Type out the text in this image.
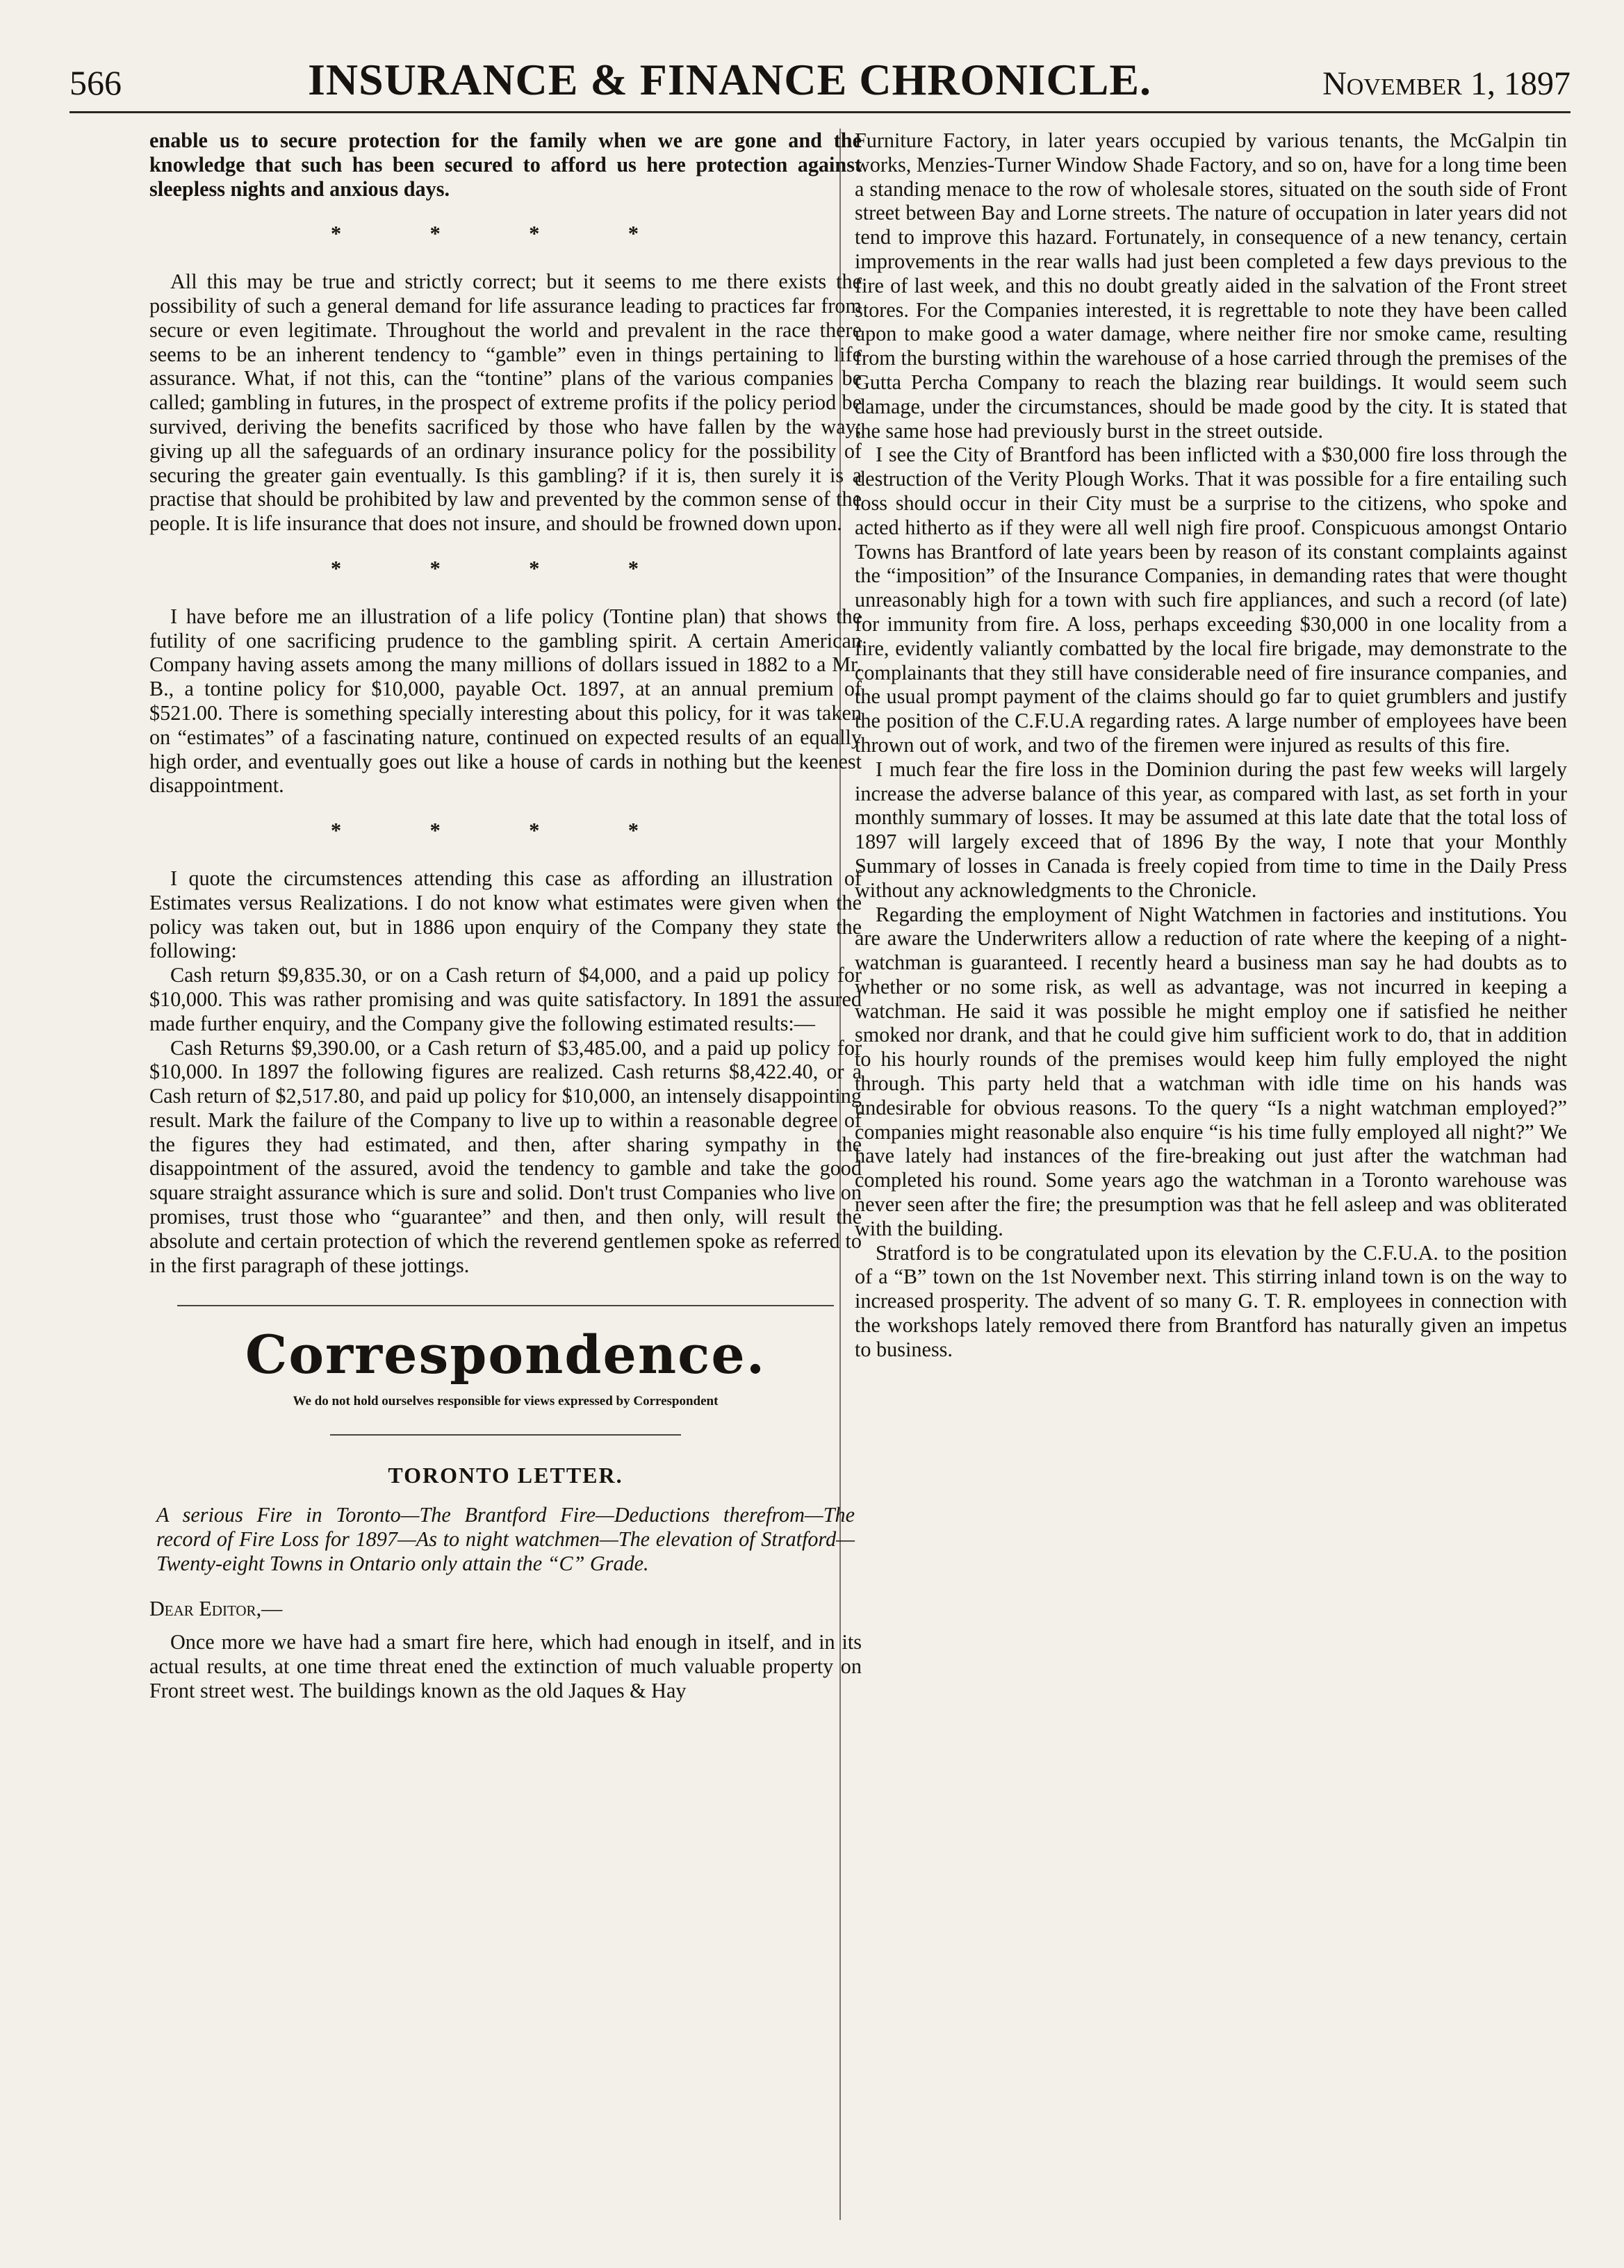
566	INSURANCE & FINANCE CHRONICLE.	November 1, 1897

enable us to secure protection for the family when we are gone and the knowledge that such has been secured to afford us here protection against sleepless nights and anxious days.

* * * *

All this may be true and strictly correct; but it seems to me there exists the possibility of such a general demand for life assurance leading to practices far from secure or even legitimate. Throughout the world and prevalent in the race there seems to be an inherent tendency to “gamble” even in things pertaining to life assurance. What, if not this, can the “tontine” plans of the various companies be called; gambling in futures, in the prospect of extreme profits if the policy period be survived, deriving the benefits sacrificed by those who have fallen by the way; giving up all the safeguards of an ordinary insurance policy for the possibility of securing the greater gain eventually. Is this gambling? if it is, then surely it is a practise that should be prohibited by law and prevented by the common sense of the people. It is life insurance that does not insure, and should be frowned down upon.

* * * *

I have before me an illustration of a life policy (Tontine plan) that shows the futility of one sacrificing prudence to the gambling spirit. A certain American Company having assets among the many millions of dollars issued in 1882 to a Mr. B., a tontine policy for $10,000, payable Oct. 1897, at an annual premium of $521.00. There is something specially interesting about this policy, for it was taken on “estimates” of a fascinating nature, continued on expected results of an equally high order, and eventually goes out like a house of cards in nothing but the keenest disappointment.

* * * *

I quote the circumstences attending this case as affording an illustration of Estimates versus Realizations. I do not know what estimates were given when the policy was taken out, but in 1886 upon enquiry of the Company they state the following:

Cash return $9,835.30, or on a Cash return of $4,000, and a paid up policy for $10,000. This was rather promising and was quite satisfactory. In 1891 the assured made further enquiry, and the Company give the following estimated results:—

Cash Returns $9,390.00, or a Cash return of $3,485.00, and a paid up policy for $10,000. In 1897 the following figures are realized. Cash returns $8,422.40, or a Cash return of $2,517.80, and paid up policy for $10,000, an intensely disappointing result. Mark the failure of the Company to live up to within a reasonable degree of the figures they had estimated, and then, after sharing sympathy in the disappointment of the assured, avoid the tendency to gamble and take the good square straight assurance which is sure and solid. Don't trust Companies who live on promises, trust those who “guarantee” and then, and then only, will result the absolute and certain protection of which the reverend gentlemen spoke as referred to in the first paragraph of these jottings.

Correspondence.
We do not hold ourselves responsible for views expressed by Correspondent
TORONTO LETTER.

A serious Fire in Toronto—The Brantford Fire—Deductions therefrom—The record of Fire Loss for 1897—As to night watchmen—The elevation of Stratford—Twenty-eight Towns in Ontario only attain the “C” Grade.

Dear Editor,—

Once more we have had a smart fire here, which had enough in itself, and in its actual results, at one time threat ened the extinction of much valuable property on Front street west. The buildings known as the old Jaques & Hay

Furniture Factory, in later years occupied by various tenants, the McGalpin tin works, Menzies-Turner Window Shade Factory, and so on, have for a long time been a standing menace to the row of wholesale stores, situated on the south side of Front street between Bay and Lorne streets. The nature of occupation in later years did not tend to improve this hazard. Fortunately, in consequence of a new tenancy, certain improvements in the rear walls had just been completed a few days previous to the fire of last week, and this no doubt greatly aided in the salvation of the Front street stores. For the Companies interested, it is regrettable to note they have been called upon to make good a water damage, where neither fire nor smoke came, resulting from the bursting within the warehouse of a hose carried through the premises of the Gutta Percha Company to reach the blazing rear buildings. It would seem such damage, under the circumstances, should be made good by the city. It is stated that the same hose had previously burst in the street outside.

I see the City of Brantford has been inflicted with a $30,000 fire loss through the destruction of the Verity Plough Works. That it was possible for a fire entailing such loss should occur in their City must be a surprise to the citizens, who spoke and acted hitherto as if they were all well nigh fire proof. Conspicuous amongst Ontario Towns has Brantford of late years been by reason of its constant complaints against the “imposition” of the Insurance Companies, in demanding rates that were thought unreasonably high for a town with such fire appliances, and such a record (of late) for immunity from fire. A loss, perhaps exceeding $30,000 in one locality from a fire, evidently valiantly combatted by the local fire brigade, may demonstrate to the complainants that they still have considerable need of fire insurance companies, and the usual prompt payment of the claims should go far to quiet grumblers and justify the position of the C.F.U.A regarding rates. A large number of employees have been thrown out of work, and two of the firemen were injured as results of this fire.

I much fear the fire loss in the Dominion during the past few weeks will largely increase the adverse balance of this year, as compared with last, as set forth in your monthly summary of losses. It may be assumed at this late date that the total loss of 1897 will largely exceed that of 1896 By the way, I note that your Monthly Summary of losses in Canada is freely copied from time to time in the Daily Press without any acknowledgments to the Chronicle.

Regarding the employment of Night Watchmen in factories and institutions. You are aware the Underwriters allow a reduction of rate where the keeping of a night-watchman is guaranteed. I recently heard a business man say he had doubts as to whether or no some risk, as well as advantage, was not incurred in keeping a watchman. He said it was possible he might employ one if satisfied he neither smoked nor drank, and that he could give him sufficient work to do, that in addition to his hourly rounds of the premises would keep him fully employed the night through. This party held that a watchman with idle time on his hands was undesirable for obvious reasons. To the query “Is a night watchman employed?” companies might reasonable also enquire “is his time fully employed all night?” We have lately had instances of the fire-breaking out just after the watchman had completed his round. Some years ago the watchman in a Toronto warehouse was never seen after the fire; the presumption was that he fell asleep and was obliterated with the building.

Stratford is to be congratulated upon its elevation by the C.F.U.A. to the position of a “B” town on the 1st November next. This stirring inland town is on the way to increased prosperity. The advent of so many G. T. R. employees in connection with the workshops lately removed there from Brantford has naturally given an impetus to business.
